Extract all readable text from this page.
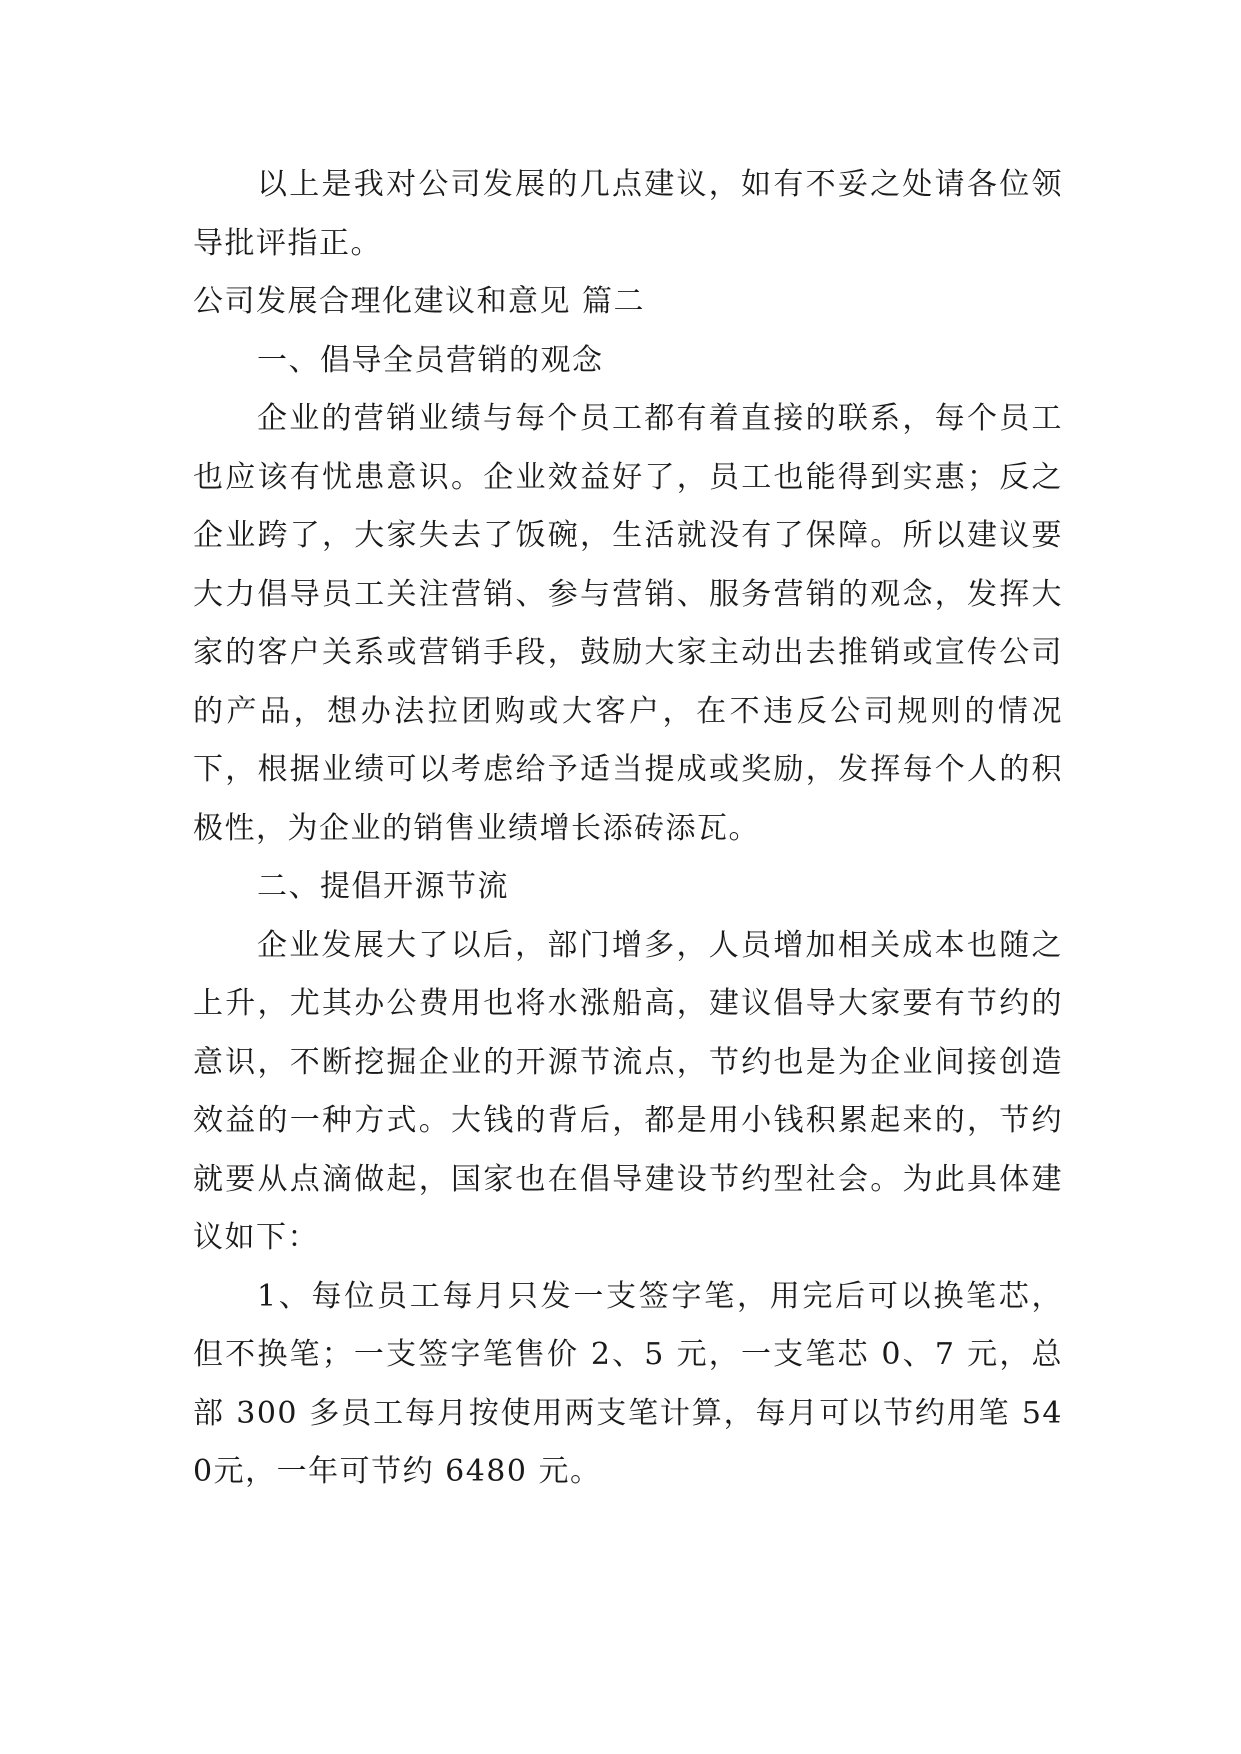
以上是我对公司发展的几点建议，如有不妥之处请各位领导批评指正。

公司发展合理化建议和意见 篇二

一、倡导全员营销的观念

企业的营销业绩与每个员工都有着直接的联系，每个员工也应该有忧患意识。企业效益好了，员工也能得到实惠；反之企业跨了，大家失去了饭碗，生活就没有了保障。所以建议要大力倡导员工关注营销、参与营销、服务营销的观念，发挥大家的客户关系或营销手段，鼓励大家主动出去推销或宣传公司的产品，想办法拉团购或大客户，在不违反公司规则的情况下，根据业绩可以考虑给予适当提成或奖励，发挥每个人的积极性，为企业的销售业绩增长添砖添瓦。

二、提倡开源节流

企业发展大了以后，部门增多，人员增加相关成本也随之上升，尤其办公费用也将水涨船高，建议倡导大家要有节约的意识，不断挖掘企业的开源节流点，节约也是为企业间接创造效益的一种方式。大钱的背后，都是用小钱积累起来的，节约就要从点滴做起，国家也在倡导建设节约型社会。为此具体建议如下：

1、每位员工每月只发一支签字笔，用完后可以换笔芯，但不换笔；一支签字笔售价 2、5 元，一支笔芯 0、7 元，总部 300 多员工每月按使用两支笔计算，每月可以节约用笔 540元，一年可节约 6480 元。
